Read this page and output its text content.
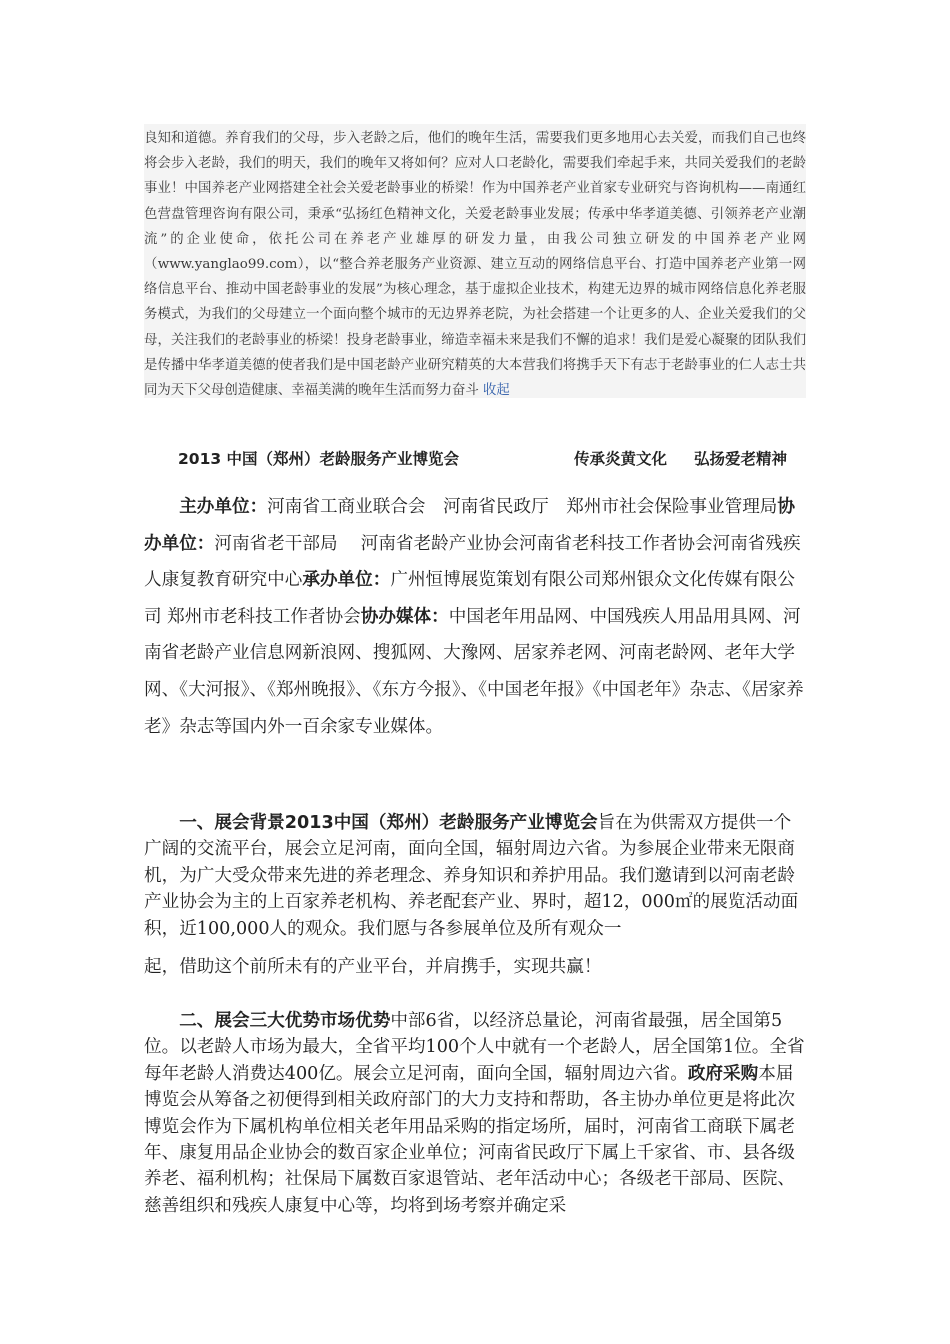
良知和道德。养育我们的父母，步入老龄之后，他们的晚年生活，需要我们更多地用心去关爱，而我们自己也终将会步入老龄，我们的明天，我们的晚年又将如何？应对人口老龄化，需要我们牵起手来，共同关爱我们的老龄事业！中国养老产业网搭建全社会关爱老龄事业的桥梁！作为中国养老产业首家专业研究与咨询机构——南通红色营盘管理咨询有限公司，秉承“弘扬红色精神文化，关爱老龄事业发展；传承中华孝道美德、引领养老产业潮流”的企业使命，依托公司在养老产业雄厚的研发力量，由我公司独立研发的中国养老产业网（www.yanglao99.com），以“整合养老服务产业资源、建立互动的网络信息平台、打造中国养老产业第一网络信息平台、推动中国老龄事业的发展”为核心理念，基于虚拟企业技术，构建无边界的城市网络信息化养老服务模式，为我们的父母建立一个面向整个城市的无边界养老院，为社会搭建一个让更多的人、企业关爱我们的父母，关注我们的老龄事业的桥梁！投身老龄事业，缔造幸福未来是我们不懈的追求！我们是爱心凝聚的团队我们是传播中华孝道美德的使者我们是中国老龄产业研究精英的大本营我们将携手天下有志于老龄事业的仁人志士共同为天下父母创造健康、幸福美满的晚年生活而努力奋斗 收起

2013 中国（郑州）老龄服务产业博览会	传承炎黄文化 弘扬爱老精神

主办单位：河南省工商业联合会　河南省民政厅　郑州市社会保险事业管理局协办单位：河南省老干部局　 河南省老龄产业协会河南省老科技工作者协会河南省残疾人康复教育研究中心承办单位：广州恒博展览策划有限公司郑州银众文化传媒有限公司 郑州市老科技工作者协会协办媒体：中国老年用品网、中国残疾人用品用具网、河南省老龄产业信息网新浪网、搜狐网、大豫网、居家养老网、河南老龄网、老年大学网、《大河报》、《郑州晚报》、《东方今报》、《中国老年报》《中国老年》杂志、《居家养老》杂志等国内外一百余家专业媒体。

一、展会背景2013中国（郑州）老龄服务产业博览会旨在为供需双方提供一个广阔的交流平台，展会立足河南，面向全国，辐射周边六省。为参展企业带来无限商机，为广大受众带来先进的养老理念、养身知识和养护用品。我们邀请到以河南老龄产业协会为主的上百家养老机构、养老配套产业、界时，超12，000㎡的展览活动面积，近100,000人的观众。我们愿与各参展单位及所有观众一
起，借助这个前所未有的产业平台，并肩携手，实现共赢！

二、展会三大优势市场优势中部6省，以经济总量论，河南省最强，居全国第5位。以老龄人市场为最大，全省平均100个人中就有一个老龄人，居全国第1位。全省每年老龄人消费达400亿。展会立足河南，面向全国，辐射周边六省。政府采购本届博览会从筹备之初便得到相关政府部门的大力支持和帮助，各主协办单位更是将此次博览会作为下属机构单位相关老年用品采购的指定场所，届时，河南省工商联下属老年、康复用品企业协会的数百家企业单位；河南省民政厅下属上千家省、市、县各级养老、福利机构；社保局下属数百家退管站、老年活动中心；各级老干部局、医院、慈善组织和残疾人康复中心等，均将到场考察并确定采
